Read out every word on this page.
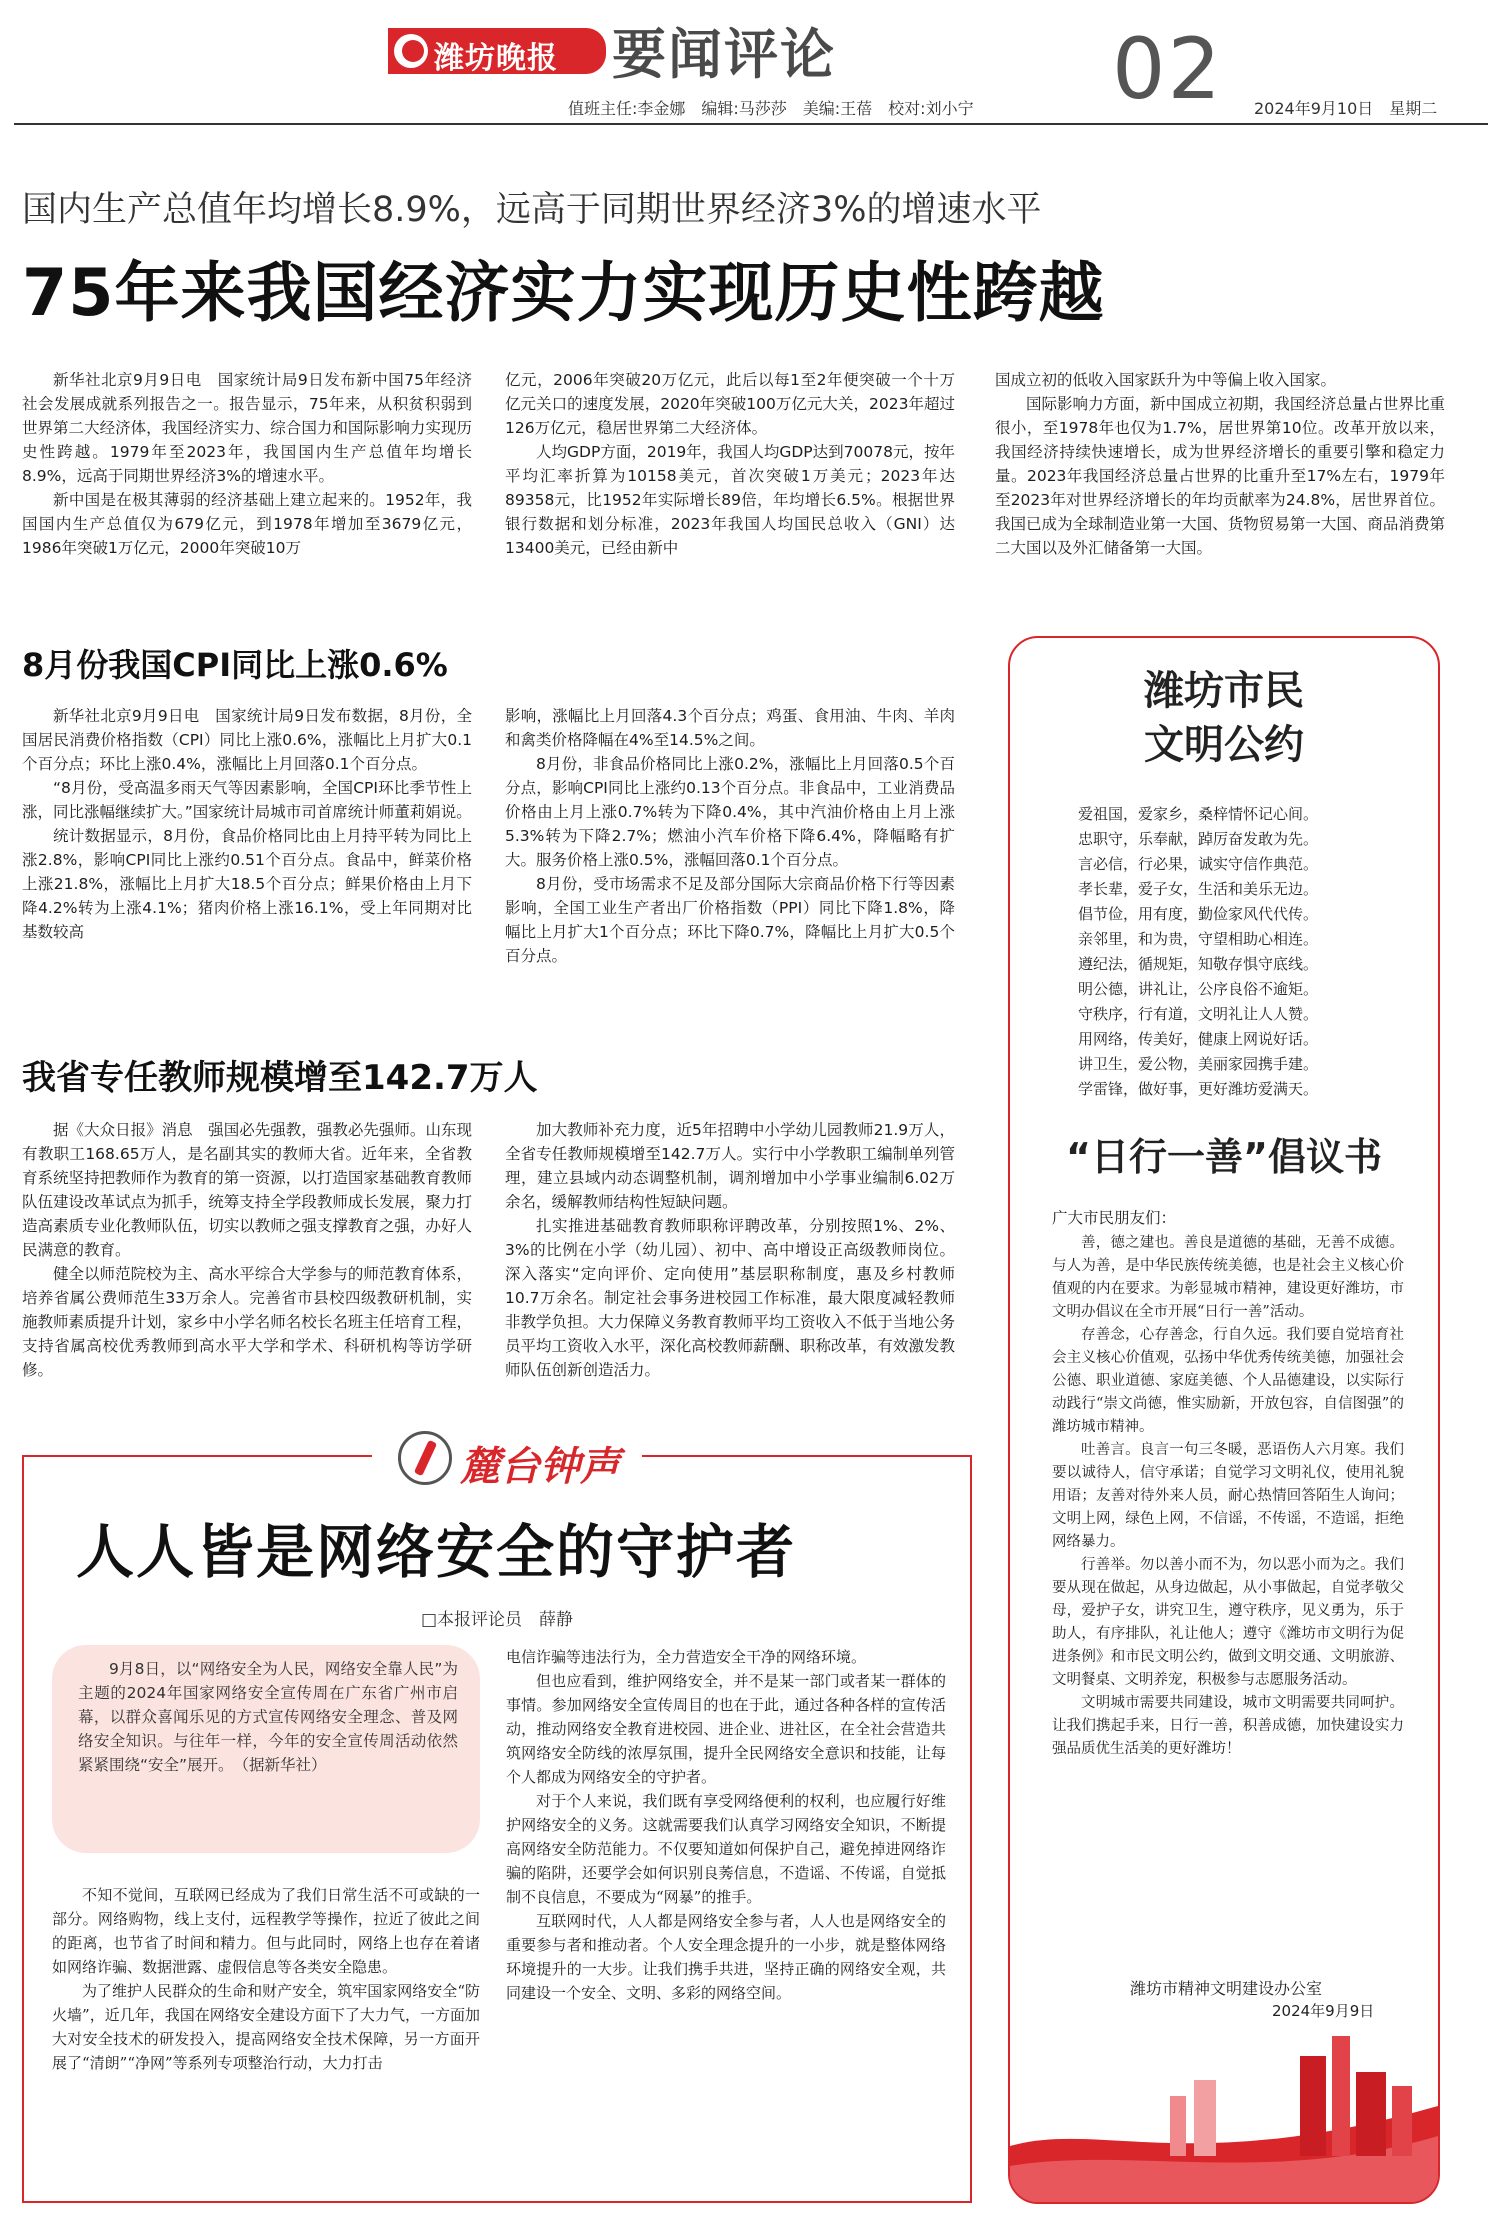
潍坊晚报 要闻评论
值班主任:李金娜　编辑:马莎莎　美编:王蓓　校对:刘小宁 02 2024年9月10日　星期二
国内生产总值年均增长8.9%，远高于同期世界经济3%的增速水平
75年来我国经济实力实现历史性跨越

新华社北京9月9日电　国家统计局9日发布新中国75年经济社会发展成就系列报告之一。报告显示，75年来，从积贫积弱到世界第二大经济体，我国经济实力、综合国力和国际影响力实现历史性跨越。1979年至2023年，我国国内生产总值年均增长8.9%，远高于同期世界经济3%的增速水平。

新中国是在极其薄弱的经济基础上建立起来的。1952年，我国国内生产总值仅为679亿元，到1978年增加至3679亿元，1986年突破1万亿元，2000年突破10万

亿元，2006年突破20万亿元，此后以每1至2年便突破一个十万亿元关口的速度发展，2020年突破100万亿元大关，2023年超过126万亿元，稳居世界第二大经济体。

人均GDP方面，2019年，我国人均GDP达到70078元，按年平均汇率折算为10158美元，首次突破1万美元；2023年达89358元，比1952年实际增长89倍，年均增长6.5%。根据世界银行数据和划分标准，2023年我国人均国民总收入（GNI）达13400美元，已经由新中

国成立初的低收入国家跃升为中等偏上收入国家。

国际影响力方面，新中国成立初期，我国经济总量占世界比重很小，至1978年也仅为1.7%，居世界第10位。改革开放以来，我国经济持续快速增长，成为世界经济增长的重要引擎和稳定力量。2023年我国经济总量占世界的比重升至17%左右，1979年至2023年对世界经济增长的年均贡献率为24.8%，居世界首位。我国已成为全球制造业第一大国、货物贸易第一大国、商品消费第二大国以及外汇储备第一大国。

8月份我国CPI同比上涨0.6%

新华社北京9月9日电　国家统计局9日发布数据，8月份，全国居民消费价格指数（CPI）同比上涨0.6%，涨幅比上月扩大0.1个百分点；环比上涨0.4%，涨幅比上月回落0.1个百分点。

“8月份，受高温多雨天气等因素影响，全国CPI环比季节性上涨，同比涨幅继续扩大。”国家统计局城市司首席统计师董莉娟说。

统计数据显示，8月份，食品价格同比由上月持平转为同比上涨2.8%，影响CPI同比上涨约0.51个百分点。食品中，鲜菜价格上涨21.8%，涨幅比上月扩大18.5个百分点；鲜果价格由上月下降4.2%转为上涨4.1%；猪肉价格上涨16.1%，受上年同期对比基数较高

影响，涨幅比上月回落4.3个百分点；鸡蛋、食用油、牛肉、羊肉和禽类价格降幅在4%至14.5%之间。

8月份，非食品价格同比上涨0.2%，涨幅比上月回落0.5个百分点，影响CPI同比上涨约0.13个百分点。非食品中，工业消费品价格由上月上涨0.7%转为下降0.4%，其中汽油价格由上月上涨5.3%转为下降2.7%；燃油小汽车价格下降6.4%，降幅略有扩大。服务价格上涨0.5%，涨幅回落0.1个百分点。

8月份，受市场需求不足及部分国际大宗商品价格下行等因素影响，全国工业生产者出厂价格指数（PPI）同比下降1.8%，降幅比上月扩大1个百分点；环比下降0.7%，降幅比上月扩大0.5个百分点。

我省专任教师规模增至142.7万人

据《大众日报》消息　强国必先强教，强教必先强师。山东现有教职工168.65万人，是名副其实的教师大省。近年来，全省教育系统坚持把教师作为教育的第一资源，以打造国家基础教育教师队伍建设改革试点为抓手，统筹支持全学段教师成长发展，聚力打造高素质专业化教师队伍，切实以教师之强支撑教育之强，办好人民满意的教育。

健全以师范院校为主、高水平综合大学参与的师范教育体系，培养省属公费师范生33万余人。完善省市县校四级教研机制，实施教师素质提升计划，家乡中小学名师名校长名班主任培育工程，支持省属高校优秀教师到高水平大学和学术、科研机构等访学研修。

加大教师补充力度，近5年招聘中小学幼儿园教师21.9万人，全省专任教师规模增至142.7万人。实行中小学教职工编制单列管理，建立县域内动态调整机制，调剂增加中小学事业编制6.02万余名，缓解教师结构性短缺问题。

扎实推进基础教育教师职称评聘改革，分别按照1%、2%、3%的比例在小学（幼儿园）、初中、高中增设正高级教师岗位。深入落实“定向评价、定向使用”基层职称制度，惠及乡村教师10.7万余名。制定社会事务进校园工作标准，最大限度减轻教师非教学负担。大力保障义务教育教师平均工资收入不低于当地公务员平均工资收入水平，深化高校教师薪酬、职称改革，有效激发教师队伍创新创造活力。

麓台钟声
人人皆是网络安全的守护者
□本报评论员　 薛静
9月8日，以“网络安全为人民，网络安全靠人民”为主题的2024年国家网络安全宣传周在广东省广州市启幕，以群众喜闻乐见的方式宣传网络安全理念、普及网络安全知识。与往年一样，今年的安全宣传周活动依然紧紧围绕“安全”展开。　（据新华社）

不知不觉间，互联网已经成为了我们日常生活不可或缺的一部分。网络购物，线上支付，远程教学等操作，拉近了彼此之间的距离，也节省了时间和精力。但与此同时，网络上也存在着诸如网络诈骗、数据泄露、虚假信息等各类安全隐患。

为了维护人民群众的生命和财产安全，筑牢国家网络安全“防火墙”，近几年，我国在网络安全建设方面下了大力气，一方面加大对安全技术的研发投入，提高网络安全技术保障，另一方面开展了“清朗”“净网”等系列专项整治行动，大力打击

电信诈骗等违法行为，全力营造安全干净的网络环境。

但也应看到，维护网络安全，并不是某一部门或者某一群体的事情。参加网络安全宣传周目的也在于此，通过各种各样的宣传活动，推动网络安全教育进校园、进企业、进社区，在全社会营造共筑网络安全防线的浓厚氛围，提升全民网络安全意识和技能，让每个人都成为网络安全的守护者。

对于个人来说，我们既有享受网络便利的权利，也应履行好维护网络安全的义务。这就需要我们认真学习网络安全知识，不断提高网络安全防范能力。不仅要知道如何保护自己，避免掉进网络诈骗的陷阱，还要学会如何识别良莠信息，不造谣、不传谣，自觉抵制不良信息，不要成为“网暴”的推手。

互联网时代，人人都是网络安全参与者，人人也是网络安全的重要参与者和推动者。个人安全理念提升的一小步，就是整体网络环境提升的一大步。让我们携手共进，坚持正确的网络安全观，共同建设一个安全、文明、多彩的网络空间。

潍坊市民
文明公约
爱祖国，爱家乡，桑梓情怀记心间。
忠职守，乐奉献，踔厉奋发敢为先。
言必信，行必果，诚实守信作典范。
孝长辈，爱子女，生活和美乐无边。
倡节俭，用有度，勤俭家风代代传。
亲邻里，和为贵，守望相助心相连。
遵纪法，循规矩，知敬存惧守底线。
明公德，讲礼让，公序良俗不逾矩。
守秩序，行有道，文明礼让人人赞。
用网络，传美好，健康上网说好话。
讲卫生，爱公物，美丽家园携手建。
学雷锋，做好事，更好潍坊爱满天。
“日行一善”倡议书
广大市民朋友们：

善，德之建也。善良是道德的基础，无善不成德。与人为善，是中华民族传统美德，也是社会主义核心价值观的内在要求。为彰显城市精神，建设更好潍坊，市文明办倡议在全市开展“日行一善”活动。

存善念，心存善念，行自久远。我们要自觉培育社会主义核心价值观，弘扬中华优秀传统美德，加强社会公德、职业道德、家庭美德、个人品德建设，以实际行动践行“崇文尚德，惟实励新，开放包容，自信图强”的潍坊城市精神。

吐善言。良言一句三冬暖，恶语伤人六月寒。我们要以诚待人，信守承诺；自觉学习文明礼仪，使用礼貌用语；友善对待外来人员，耐心热情回答陌生人询问；文明上网，绿色上网，不信谣，不传谣，不造谣，拒绝网络暴力。

行善举。勿以善小而不为，勿以恶小而为之。我们要从现在做起，从身边做起，从小事做起，自觉孝敬父母，爱护子女，讲究卫生，遵守秩序，见义勇为，乐于助人，有序排队，礼让他人；遵守《潍坊市文明行为促进条例》和市民文明公约，做到文明交通、文明旅游、文明餐桌、文明养宠，积极参与志愿服务活动。

文明城市需要共同建设，城市文明需要共同呵护。让我们携起手来，日行一善，积善成德，加快建设实力强品质优生活美的更好潍坊！

潍坊市精神文明建设办公室
2024年9月9日
